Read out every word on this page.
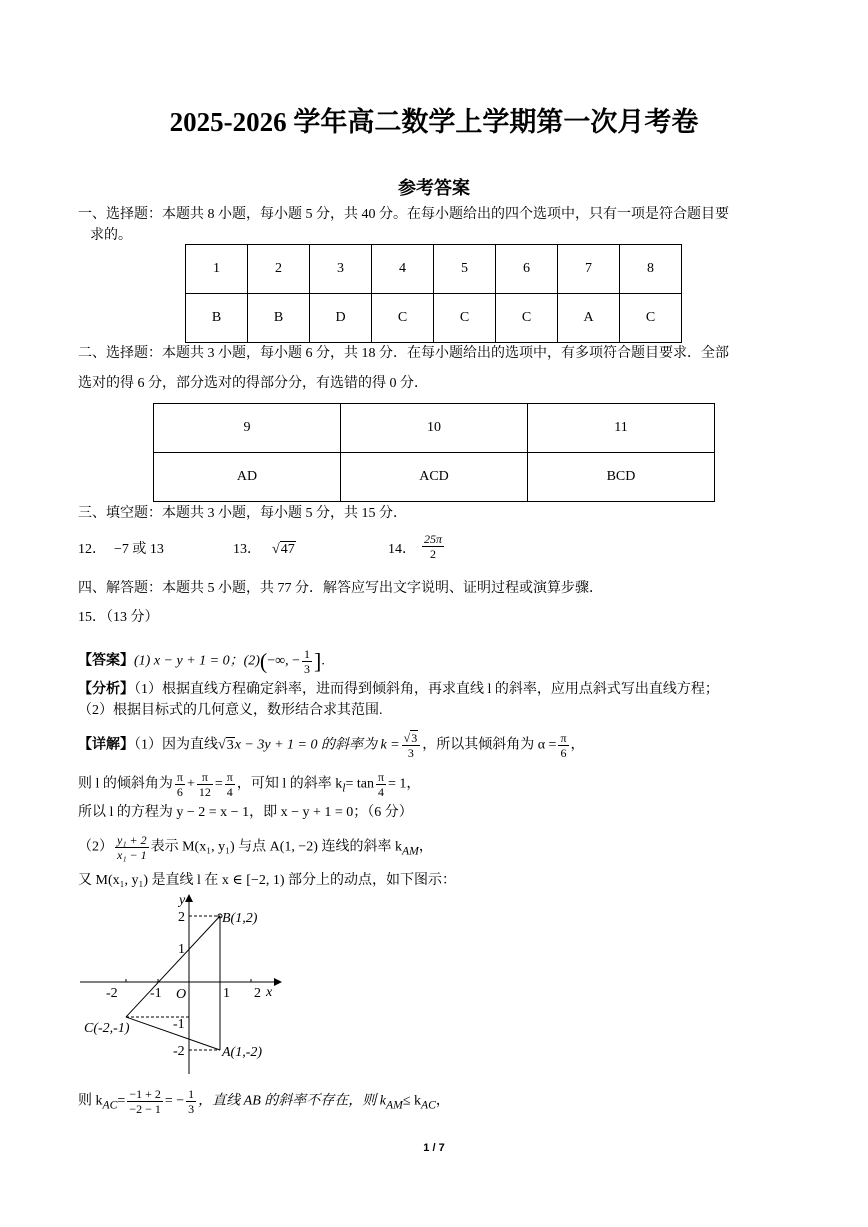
2025-2026 学年高二数学上学期第一次月考卷
参考答案
一、选择题：本题共 8 小题，每小题 5 分，共 40 分。在每小题给出的四个选项中，只有一项是符合题目要
求的。
1	2	3	4	5	6	7	8
B	B	D	C	C	C	A	C
二、选择题：本题共 3 小题，每小题 6 分，共 18 分．在每小题给出的选项中，有多项符合题目要求．全部
选对的得 6 分，部分选对的得部分分，有选错的得 0 分．
9	10	11
AD	ACD	BCD
三、填空题：本题共 3 小题，每小题 5 分，共 15 分．
12． −7 或 13	13． √47	14． $\frac{25\pi}{2}$
四、解答题：本题共 5 小题，共 77 分．解答应写出文字说明、证明过程或演算步骤．
15．（13 分）
【答案】(1) x − y + 1 = 0；(2)(−∞, − $\frac{1}{3}$ ].
【分析】（1）根据直线方程确定斜率，进而得到倾斜角，再求直线 l 的斜率，应用点斜式写出直线方程；
（2）根据目标式的几何意义，数形结合求其范围.
【详解】（1）因为直线√3x − 3y + 1 = 0 的斜率为 $k = \frac{√3}{3}$ ，所以其倾斜角为 $\alpha = \frac{\pi}{6}$ ，
则 l 的倾斜角为 $\frac{\pi}{6} + \frac{\pi}{12} = \frac{\pi}{4}$ ，可知 l 的斜率 $k_l= \tan \frac{\pi}{4} = 1$，
所以 l 的方程为 y − 2 = x − 1，即 x − y + 1 = 0；（6 分）
$(2) \frac{\text{y₁ + 2}}{\text{x₁ − 1}}$ 表示 M(x₁, y₁) 与点 A(1, −2) 连线的斜率 $k_{AM}$，
又 M(x₁, y₁) 是直线 l 在 x ∈ [−2, 1) 部分上的动点，如下图示：
y
x
O
-2 -1	1 2
2
1
-1
-2
B(1,2)
C(-2,-1)
A(1,-2)
则 $k_{AC}= \frac{-1 + 2}{-2 - 1}$ = − $\frac{1}{3}$ ，直线 AB 的斜率不存在，则 $k_{AM}\le k_{AC}$，
1 / 7
